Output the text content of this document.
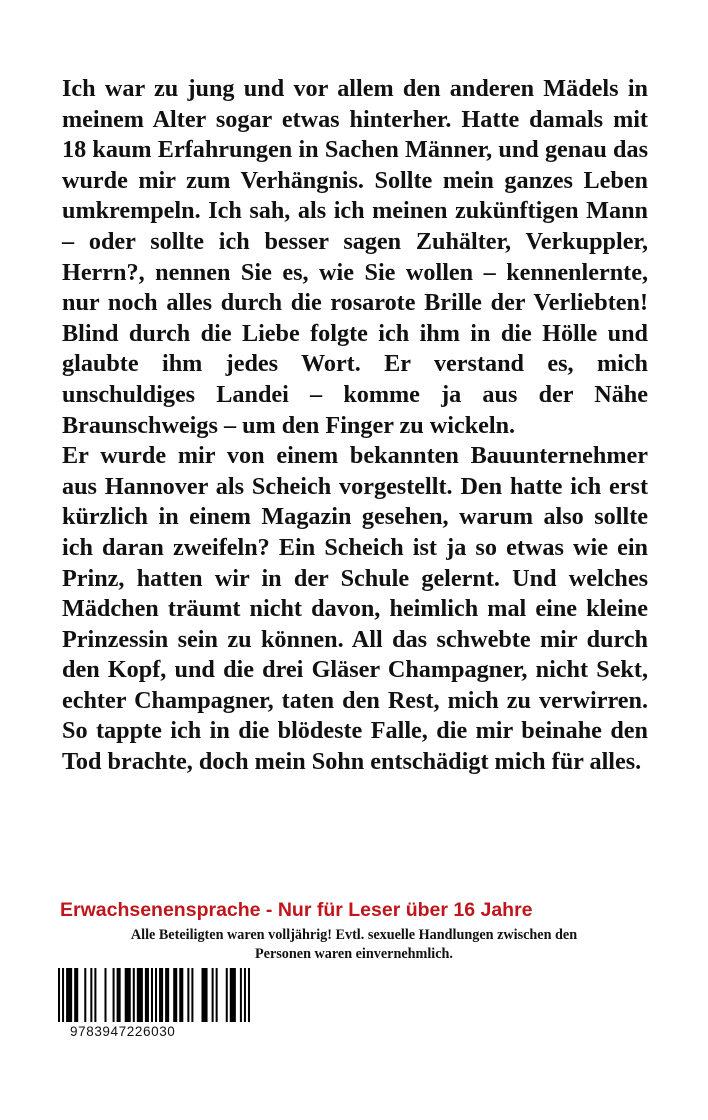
Ich war zu jung und vor allem den anderen Mädels in meinem Alter sogar etwas hinterher. Hatte damals mit 18 kaum Erfahrungen in Sachen Männer, und genau das wurde mir zum Verhängnis. Sollte mein ganzes Leben umkrempeln. Ich sah, als ich meinen zukünftigen Mann – oder sollte ich besser sagen Zuhälter, Verkuppler, Herrn?, nennen Sie es, wie Sie wollen – kennenlernte, nur noch alles durch die rosarote Brille der Verliebten! Blind durch die Liebe folgte ich ihm in die Hölle und glaubte ihm jedes Wort. Er verstand es, mich unschuldiges Landei – komme ja aus der Nähe Braunschweigs – um den Finger zu wickeln.

Er wurde mir von einem bekannten Bauunternehmer aus Hannover als Scheich vorgestellt. Den hatte ich erst kürzlich in einem Magazin gesehen, warum also sollte ich daran zweifeln? Ein Scheich ist ja so etwas wie ein Prinz, hatten wir in der Schule gelernt. Und welches Mädchen träumt nicht davon, heimlich mal eine kleine Prinzessin sein zu können. All das schwebte mir durch den Kopf, und die drei Gläser Champagner, nicht Sekt, echter Champagner, taten den Rest, mich zu verwirren. So tappte ich in die blödeste Falle, die mir beinahe den Tod brachte, doch mein Sohn entschädigt mich für alles.

Erwachsenensprache - Nur für Leser über 16 Jahre
Alle Beteiligten waren volljährig! Evtl. sexuelle Handlungen zwischen den
Personen waren einvernehmlich.
9783947226030
